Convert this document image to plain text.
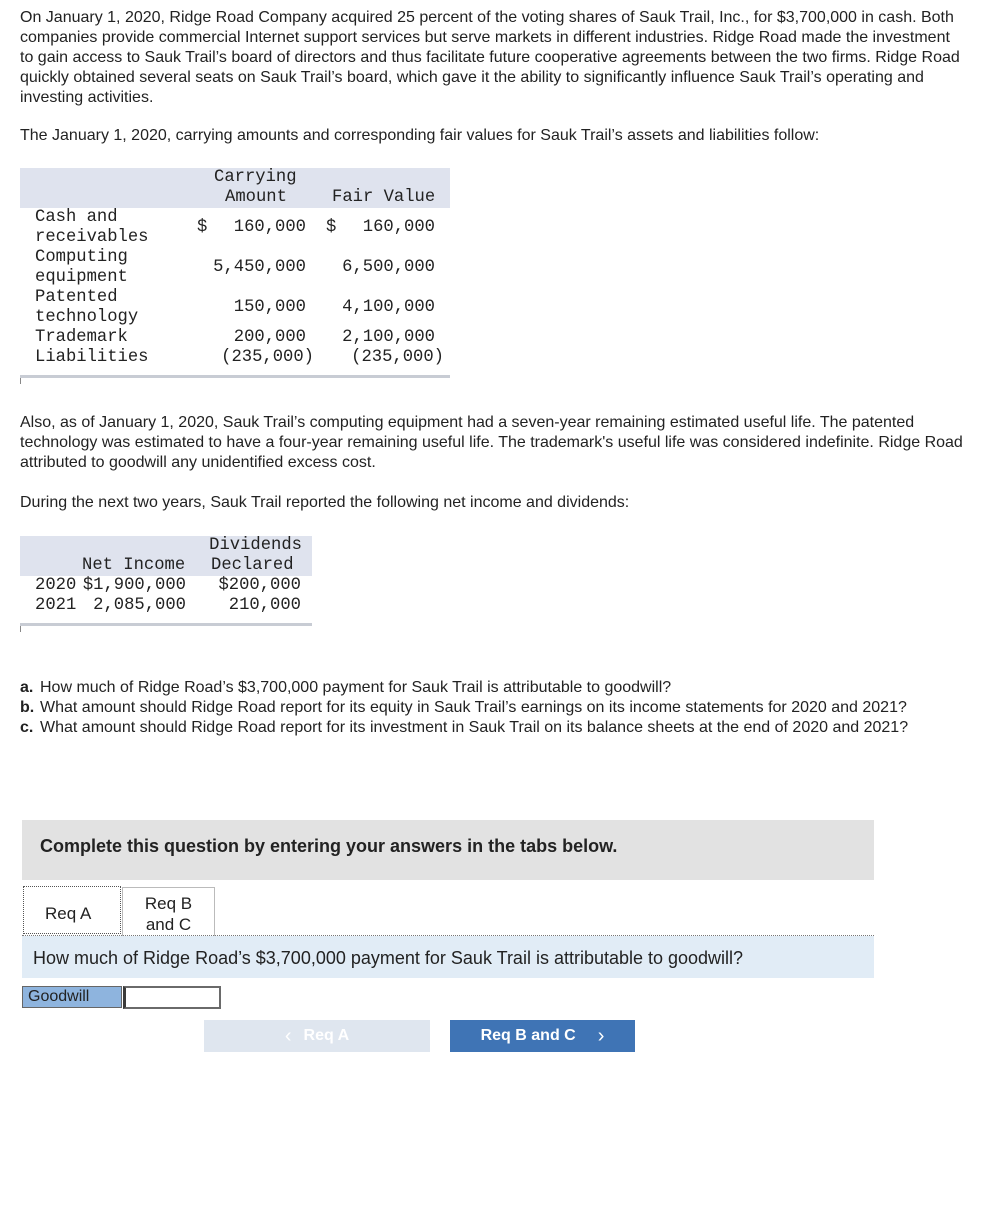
On January 1, 2020, Ridge Road Company acquired 25 percent of the voting shares of Sauk Trail, Inc., for $3,700,000 in cash. Both companies provide commercial Internet support services but serve markets in different industries. Ridge Road made the investment to gain access to Sauk Trail’s board of directors and thus facilitate future cooperative agreements between the two firms. Ridge Road quickly obtained several seats on Sauk Trail’s board, which gave it the ability to significantly influence Sauk Trail’s operating and investing activities.

The January 1, 2020, carrying amounts and corresponding fair values for Sauk Trail’s assets and liabilities follow:

Carrying
Amount	Fair Value
Cash and
receivables
$ 160,000 $ 160,000
Computing
equipment
5,450,000 6,500,000
Patented
technology
150,000 4,100,000
Trademark	200,000 2,100,000
Liabilities	(235,000) (235,000)

Also, as of January 1, 2020, Sauk Trail’s computing equipment had a seven-year remaining estimated useful life. The patented technology was estimated to have a four-year remaining useful life. The trademark's useful life was considered indefinite. Ridge Road attributed to goodwill any unidentified excess cost.

During the next two years, Sauk Trail reported the following net income and dividends:

Dividends
Net Income Declared
2020 $1,900,000 $200,000
2021 2,085,000 210,000
a. How much of Ridge Road’s $3,700,000 payment for Sauk Trail is attributable to goodwill?
b. What amount should Ridge Road report for its equity in Sauk Trail’s earnings on its income statements for 2020 and 2021?
c. What amount should Ridge Road report for its investment in Sauk Trail on its balance sheets at the end of 2020 and 2021?
Complete this question by entering your answers in the tabs below.
Req A
Req B
and C
How much of Ridge Road’s $3,700,000 payment for Sauk Trail is attributable to goodwill?
Goodwill
‹ Req A	Req B and C ›
